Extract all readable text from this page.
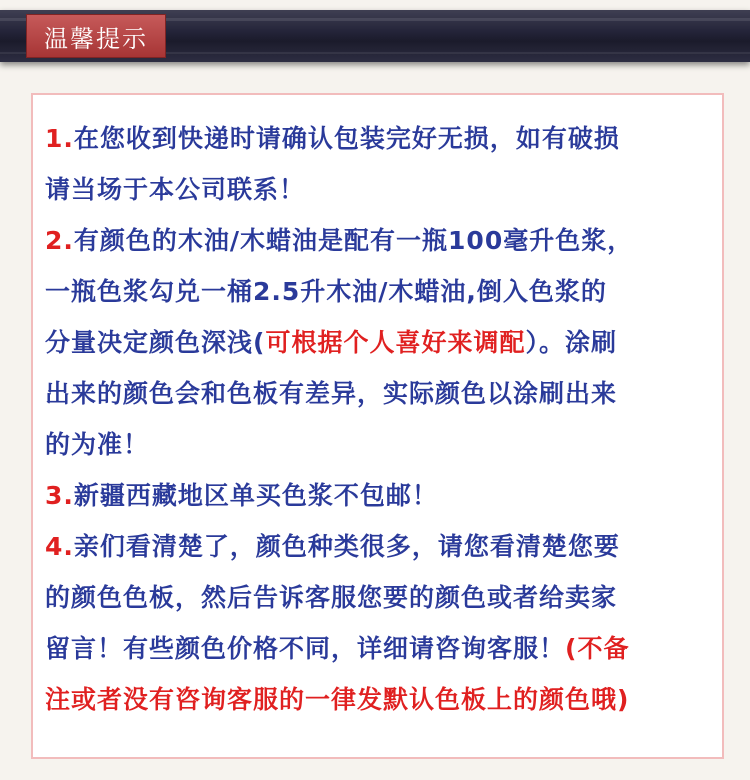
温馨提示
1.在您收到快递时请确认包装完好无损，如有破损
请当场于本公司联系！
2.有颜色的木油/木蜡油是配有一瓶100毫升色浆，
一瓶色浆勾兑一桶2.5升木油/木蜡油,倒入色浆的
分量决定颜色深浅(可根据个人喜好来调配）。涂刷
出来的颜色会和色板有差异，实际颜色以涂刷出来
的为准！
3.新疆西藏地区单买色浆不包邮！
4.亲们看清楚了，颜色种类很多，请您看清楚您要
的颜色色板，然后告诉客服您要的颜色或者给卖家
留言！有些颜色价格不同，详细请咨询客服！(不备
注或者没有咨询客服的一律发默认色板上的颜色哦)
